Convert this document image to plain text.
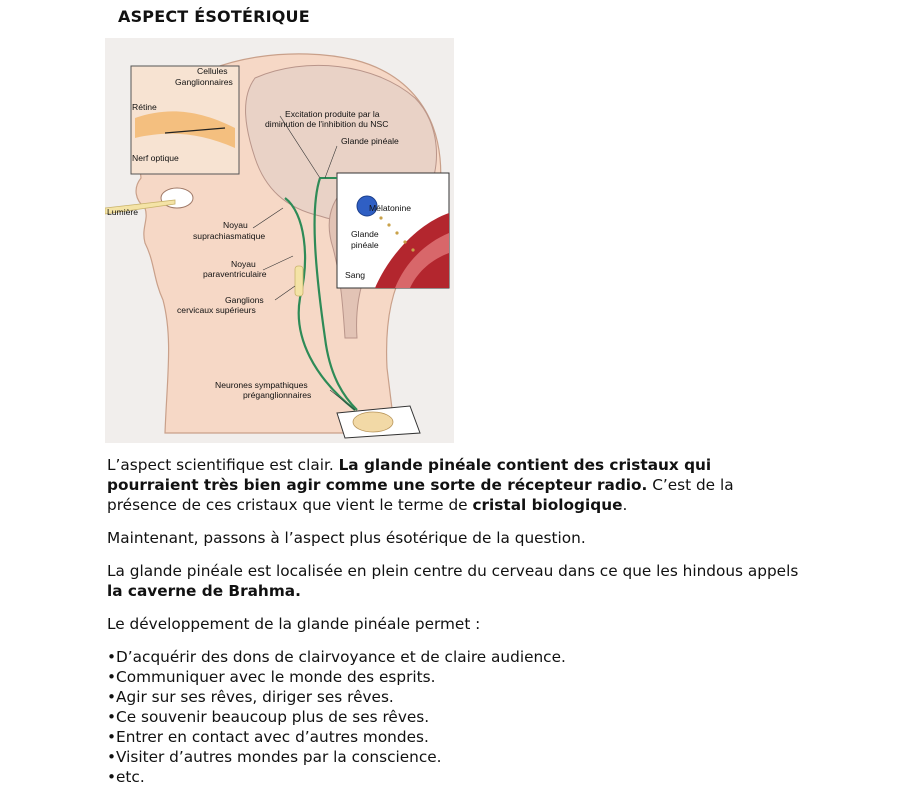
ASPECT ÉSOTÉRIQUE
Cellules
Ganglionnaires
Rétine
Nerf optique
Excitation produite par la
diminution de l'inhibition du NSC
Glande pinéale
Lumière
Noyau
suprachiasmatique
Mélatonine
Glande
pinéale
Noyau
paraventriculaire	Sang
Ganglions
cervicaux supérieurs
Neurones sympathiques
préganglionnaires

L’aspect scientifique est clair. La glande pinéale contient des cristaux qui pourraient très bien agir comme une sorte de récepteur radio. C’est de la présence de ces cristaux que vient le terme de cristal biologique.

Maintenant, passons à l’aspect plus ésotérique de la question.

La glande pinéale est localisée en plein centre du cerveau dans ce que les hindous appels la caverne de Brahma.

Le développement de la glande pinéale permet :

•D’acquérir des dons de clairvoyance et de claire audience.
•Communiquer avec le monde des esprits.
•Agir sur ses rêves, diriger ses rêves.
•Ce souvenir beaucoup plus de ses rêves.
•Entrer en contact avec d’autres mondes.
•Visiter d’autres mondes par la conscience.
•etc.
